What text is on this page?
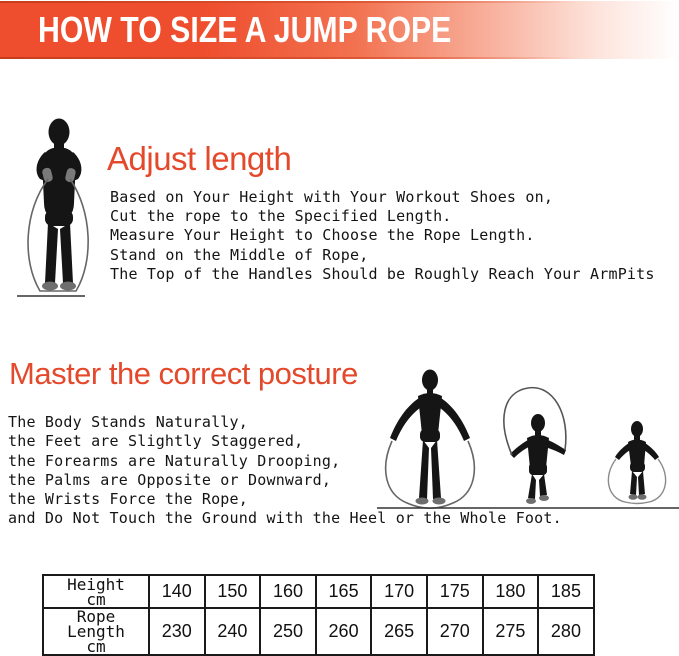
HOW TO SIZE A JUMP ROPE
Adjust length
Based on Your Height with Your Workout Shoes on,
Cut the rope to the Specified Length.
Measure Your Height to Choose the Rope Length.
Stand on the Middle of Rope,
The Top of the Handles Should be Roughly Reach Your ArmPits
Master the correct posture
The Body Stands Naturally,
the Feet are Slightly Staggered,
the Forearms are Naturally Drooping,
the Palms are Opposite or Downward,
the Wrists Force the Rope,
and Do Not Touch the Ground with the Heel or the Whole Foot.
Height
cm	140	150	160	165	170	175	180	185

Rope Length
cm	230	240	250	260	265	270	275	280
